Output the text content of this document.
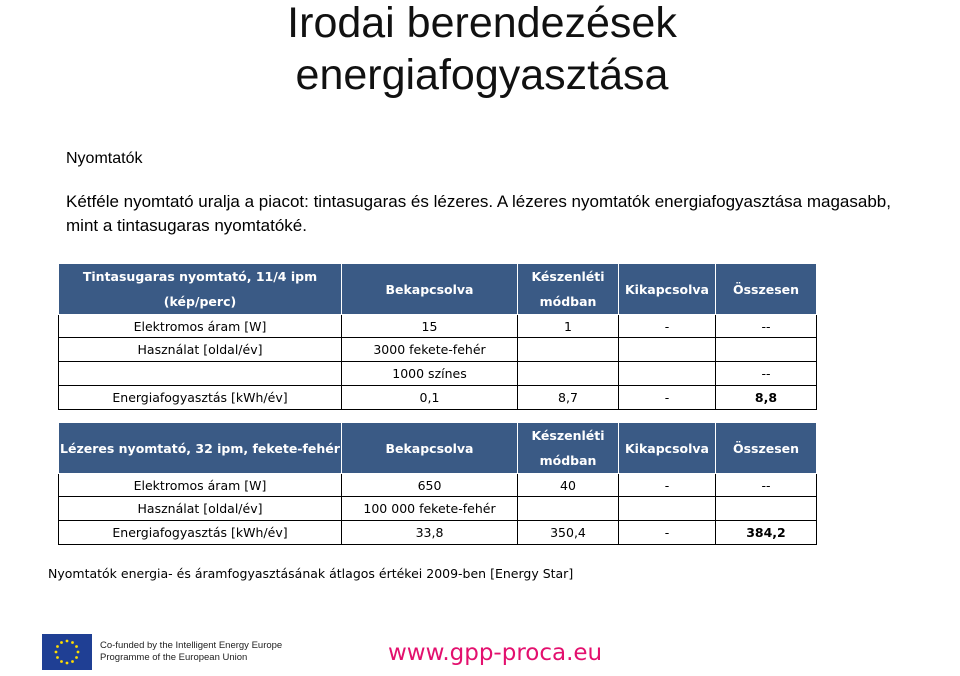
Irodai berendezések
energiafogyasztása
Nyomtatók
Kétféle nyomtató uralja a piacot: tintasugaras és lézeres. A lézeres nyomtatók energiafogyasztása magasabb, mint a tintasugaras nyomtatóké.
Tintasugaras nyomtató, 11/4 ipm (kép/perc)	Bekapcsolva	Készenléti módban	Kikapcsolva	Összesen
Elektromos áram [W]	15	1	-	--
Használat [oldal/év]	3000 fekete-fehér			
	1000 színes			--
Energiafogyasztás [kWh/év]	0,1	8,7	-	8,8
Lézeres nyomtató, 32 ipm, fekete-fehér	Bekapcsolva	Készenléti módban	Kikapcsolva	Összesen
Elektromos áram [W]	650	40	-	--
Használat [oldal/év]	100 000 fekete-fehér			
Energiafogyasztás [kWh/év]	33,8	350,4	-	384,2
Nyomtatók energia- és áramfogyasztásának átlagos értékei 2009-ben [Energy Star]
Co-funded by the Intelligent Energy Europe
Programme of the European Union	www.gpp-proca.eu
